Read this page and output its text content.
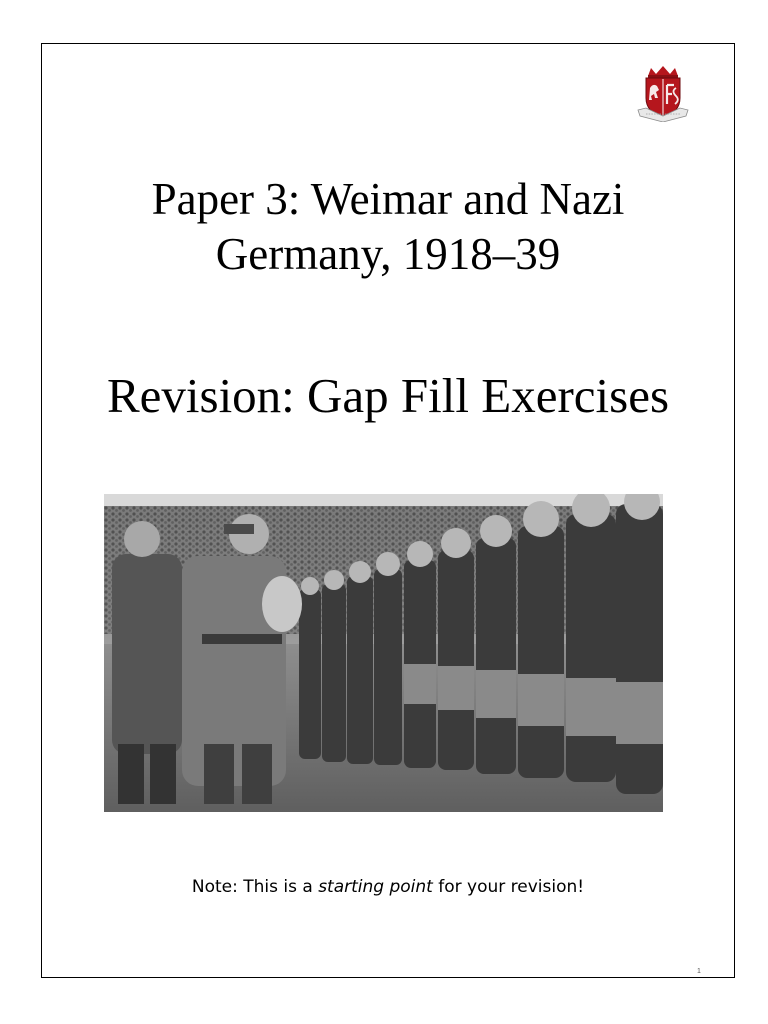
Paper 3: Weimar and Nazi
Germany, 1918–39
Revision: Gap Fill Exercises
Note: This is a starting point for your revision!
1
